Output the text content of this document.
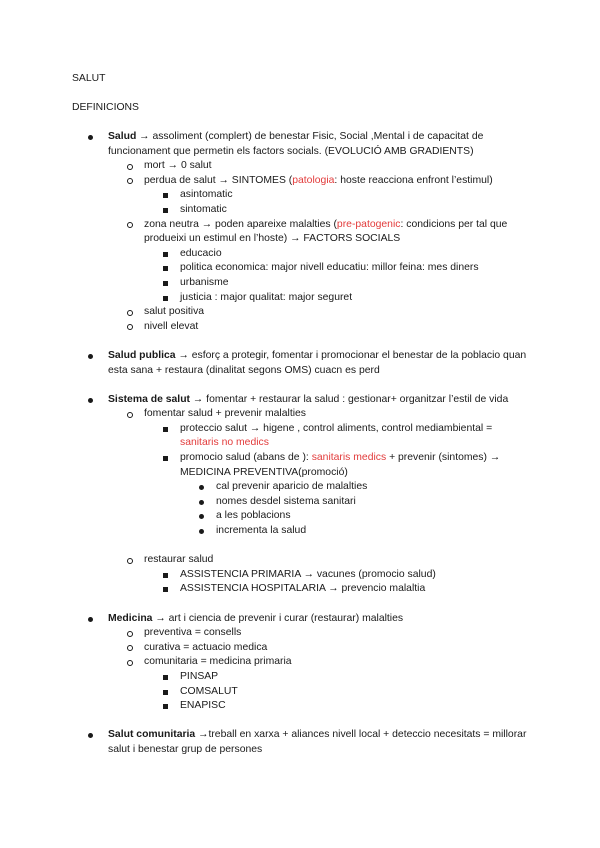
SALUT
DEFINICIONS
Salud → assoliment (complert) de benestar Fisic, Social ,Mental i de capacitat de funcionament que permetin els factors socials. (EVOLUCIÓ AMB GRADIENTS)
mort → 0 salut
perdua de salut → SINTOMES (patologia: hoste reacciona enfront l’estimul)
asintomatic
sintomatic
zona neutra → poden apareixe malalties (pre-patogenic: condicions per tal que produeixi un estimul en l’hoste) → FACTORS SOCIALS
educacio
politica economica: major nivell educatiu: millor feina: mes diners
urbanisme
justicia : major qualitat: major seguret
salut positiva
nivell elevat
Salud publica → esforç a protegir, fomentar i promocionar el benestar de la poblacio quan esta sana + restaura (dinalitat segons OMS) cuacn es perd
Sistema de salut → fomentar + restaurar la salud : gestionar+ organitzar l’estil de vida
fomentar salud + prevenir malalties
proteccio salut → higene , control aliments, control mediambiental = sanitaris no medics
promocio salud (abans de ): sanitaris medics + prevenir (sintomes) → MEDICINA PREVENTIVA(promoció)
cal prevenir aparicio de malalties
nomes desdel sistema sanitari
a les poblacions
incrementa la salud
restaurar salud
ASSISTENCIA PRIMARIA → vacunes (promocio salud)
ASSISTENCIA HOSPITALARIA → prevencio malaltia
Medicina → art i ciencia de prevenir i curar (restaurar) malalties
preventiva = consells
curativa = actuacio medica
comunitaria = medicina primaria
PINSAP
COMSALUT
ENAPISC
Salut comunitaria →treball en xarxa + aliances nivell local + deteccio necesitats = millorar salut i benestar grup de persones
